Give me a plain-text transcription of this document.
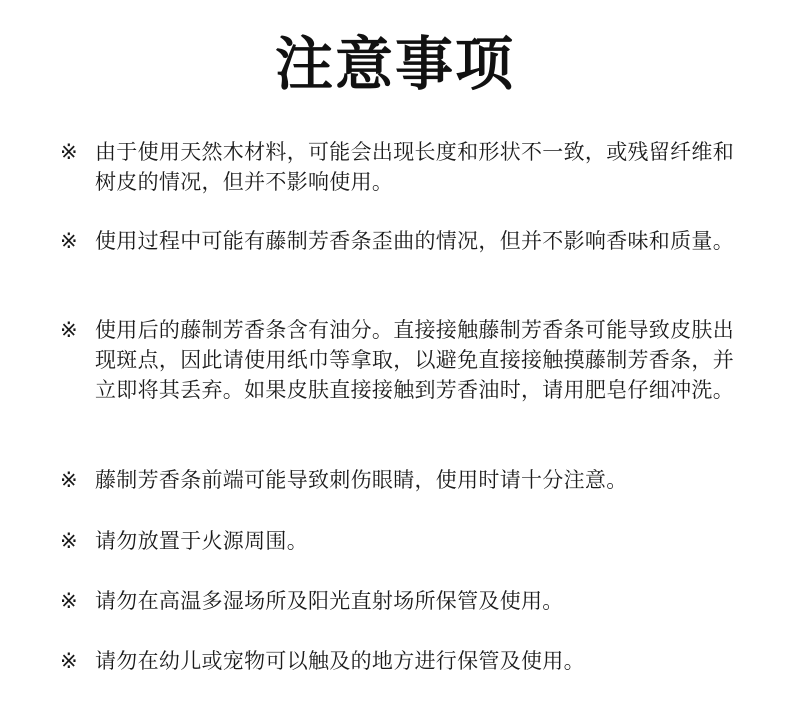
注意事项
※ 由于使用天然木材料，可能会出现长度和形状不一致，或残留纤维和树皮的情况，但并不影响使用。
※ 使用过程中可能有藤制芳香条歪曲的情况，但并不影响香味和质量。
※ 使用后的藤制芳香条含有油分。直接接触藤制芳香条可能导致皮肤出现斑点，因此请使用纸巾等拿取，以避免直接接触摸藤制芳香条，并立即将其丢弃。如果皮肤直接接触到芳香油时，请用肥皂仔细冲洗。
※ 藤制芳香条前端可能导致刺伤眼睛，使用时请十分注意。
※ 请勿放置于火源周围。
※ 请勿在高温多湿场所及阳光直射场所保管及使用。
※ 请勿在幼儿或宠物可以触及的地方进行保管及使用。
